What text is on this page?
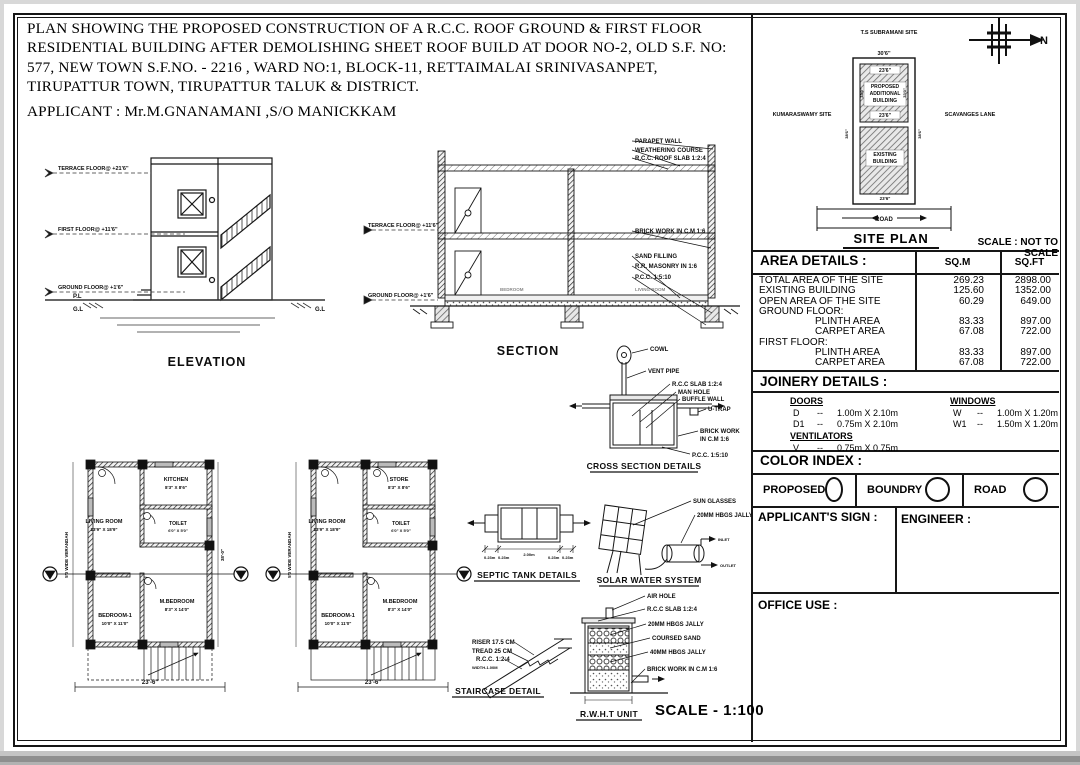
PLAN SHOWING THE PROPOSED CONSTRUCTION OF A R.C.C. ROOF GROUND & FIRST FLOOR
RESIDENTIAL BUILDING AFTER DEMOLISHING SHEET ROOF BUILD AT DOOR NO-2, OLD S.F. NO:
577, NEW TOWN S.F.NO. - 2216 , WARD NO:1, BLOCK-11, RETTAIMALAI SRINIVASANPET,
TIRUPATTUR TOWN, TIRUPATTUR TALUK & DISTRICT.
APPLICANT : Mr.M.GNANAMANI ,S/O MANICKKAM
N
T.S SUBRAMANI SITE
30'6"
23'6"
PROPOSED
ADDITIONAL
BUILDING
23'6"
33'0"	33'0"
EXISTING
BUILDING
23'6"
38'6"	38'6"
KUMARASWAMY SITE	SCAVANGES LANE
ROAD
SITE PLAN	SCALE : NOT TO SCALE
AREA DETAILS :	SQ.M	SQ.FT
TOTAL AREA OF THE SITE	269.23	2898.00
EXISTING BUILDING	125.60	1352.00
OPEN AREA OF THE SITE	60.29	649.00
GROUND FLOOR:
PLINTH AREA	83.33	897.00
CARPET AREA	67.08	722.00
FIRST FLOOR:
PLINTH AREA	83.33	897.00
CARPET AREA	67.08	722.00
JOINERY DETAILS :
DOORS
D	--	1.00m X 2.10m
D1	--	0.75m X 2.10m
VENTILATORS
V	--	0.75m X 0.75m
WINDOWS
W	--	1.00m X 1.20m
W1	--	1.50m X 1.20m
COLOR INDEX :
PROPOSED	BOUNDRY	ROAD
APPLICANT'S SIGN : ENGINEER :
OFFICE USE :
TERRACE FLOOR@ +21'6"
FIRST FLOOR@ +11'6"
GROUND FLOOR@ +1'6"
P.L
G.L	G.L
ELEVATION
TERRACE FLOOR@ +11'6"
GROUND FLOOR@ +1'6"
BEDROOM	LIVING ROOM
PARAPET WALL
WEATHERING COURSE
R.C.C. ROOF SLAB 1:2:4
BRICK WORK IN C.M 1:6
SAND FILLING
R.R. MASONRY IN 1:6
P.C.C. 1:5:10
SECTION
LIVING ROOM
13'9" X 18'9"
KITCHEN
8'3" X 8'6"
TOILET
6'0" X 5'0"
M.BEDROOM
8'3" X 14'0"
BEDROOM-1
10'0" X 11'0"
5'0 WIDE VERANDAH	38'-0"
23'-6"
LIVING ROOM
13'9" X 18'9"
STORE
8'3" X 8'6"
TOILET
6'0" X 5'0"
M.BEDROOM
8'3" X 14'0"
BEDROOM-1
10'0" X 11'0"
5'0 WIDE VERANDAH
23'-6"
COWL
VENT PIPE
R.C.C SLAB 1:2:4
MAN HOLE
BUFFLE WALL
U-TRAP
BRICK WORK
IN C.M 1:6
P.C.C. 1:5:10
CROSS SECTION DETAILS
0.23m 0.23m
2.00m
0.23m 0.23m
SEPTIC TANK DETAILS
SUN GLASSES
20MM HBGS JALLY
INLET
OUTLET
SOLAR WATER SYSTEM
RISER 17.5 CM
TREAD 25 CM
R.C.C. 1:2:4
WIDTH-1.00M
STAIRCASE DETAIL
AIR HOLE
R.C.C SLAB 1:2:4
20MM HBGS JALLY
COURSED SAND
40MM HBGS JALLY
BRICK WORK IN C.M 1:6
R.W.H.T UNIT SCALE - 1:100
